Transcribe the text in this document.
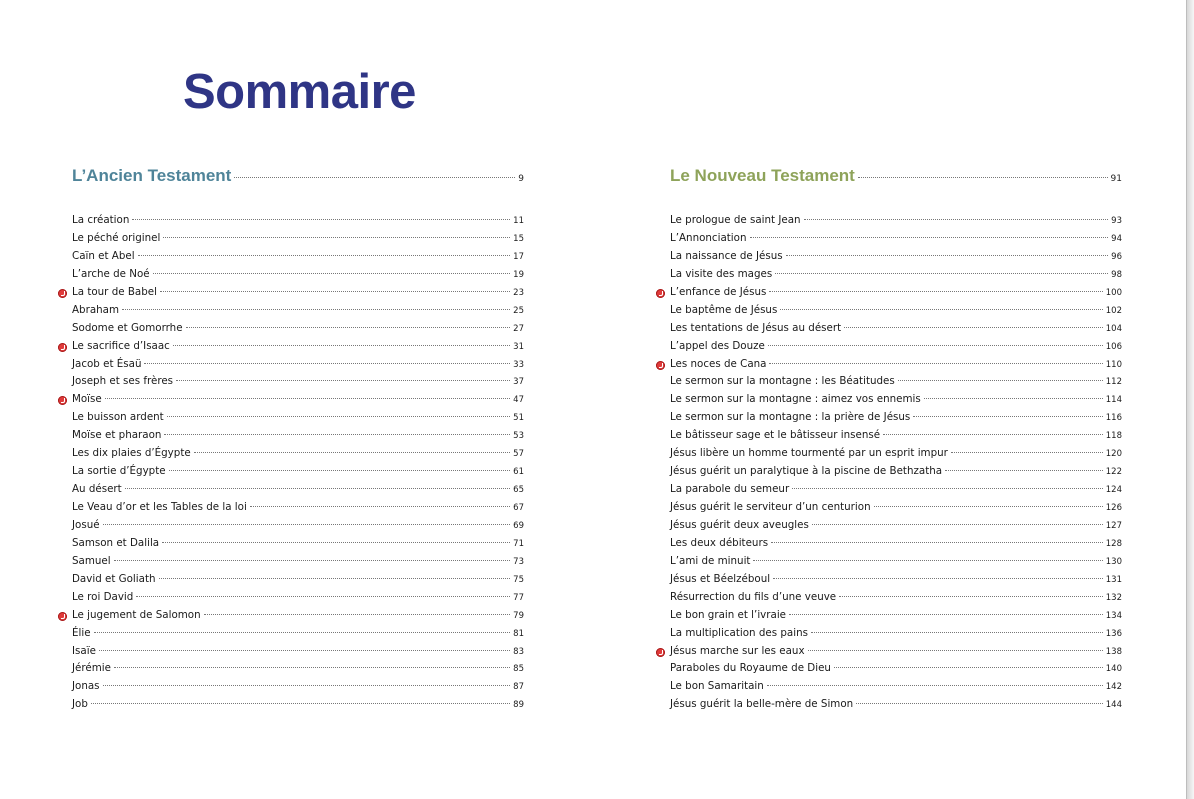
Sommaire
L’Ancien Testament	9
La création	11
Le péché originel	15
Caïn et Abel	17
L’arche de Noé	19
La tour de Babel	23
Abraham	25
Sodome et Gomorrhe	27
Le sacrifice d’Isaac	31
Jacob et Ésaü	33
Joseph et ses frères	37
Moïse	47
Le buisson ardent	51
Moïse et pharaon	53
Les dix plaies d’Égypte	57
La sortie d’Égypte	61
Au désert	65
Le Veau d’or et les Tables de la loi	67
Josué	69
Samson et Dalila	71
Samuel	73
David et Goliath	75
Le roi David	77
Le jugement de Salomon	79
Élie	81
Isaïe	83
Jérémie	85
Jonas	87
Job	89
Le Nouveau Testament	91
Le prologue de saint Jean	93
L’Annonciation	94
La naissance de Jésus	96
La visite des mages	98
L’enfance de Jésus	100
Le baptême de Jésus	102
Les tentations de Jésus au désert	104
L’appel des Douze	106
Les noces de Cana	110
Le sermon sur la montagne : les Béatitudes	112
Le sermon sur la montagne : aimez vos ennemis	114
Le sermon sur la montagne : la prière de Jésus	116
Le bâtisseur sage et le bâtisseur insensé	118
Jésus libère un homme tourmenté par un esprit impur	120
Jésus guérit un paralytique à la piscine de Bethzatha	122
La parabole du semeur	124
Jésus guérit le serviteur d’un centurion	126
Jésus guérit deux aveugles	127
Les deux débiteurs	128
L’ami de minuit	130
Jésus et Béelzéboul	131
Résurrection du fils d’une veuve	132
Le bon grain et l’ivraie	134
La multiplication des pains	136
Jésus marche sur les eaux	138
Paraboles du Royaume de Dieu	140
Le bon Samaritain	142
Jésus guérit la belle-mère de Simon	144
